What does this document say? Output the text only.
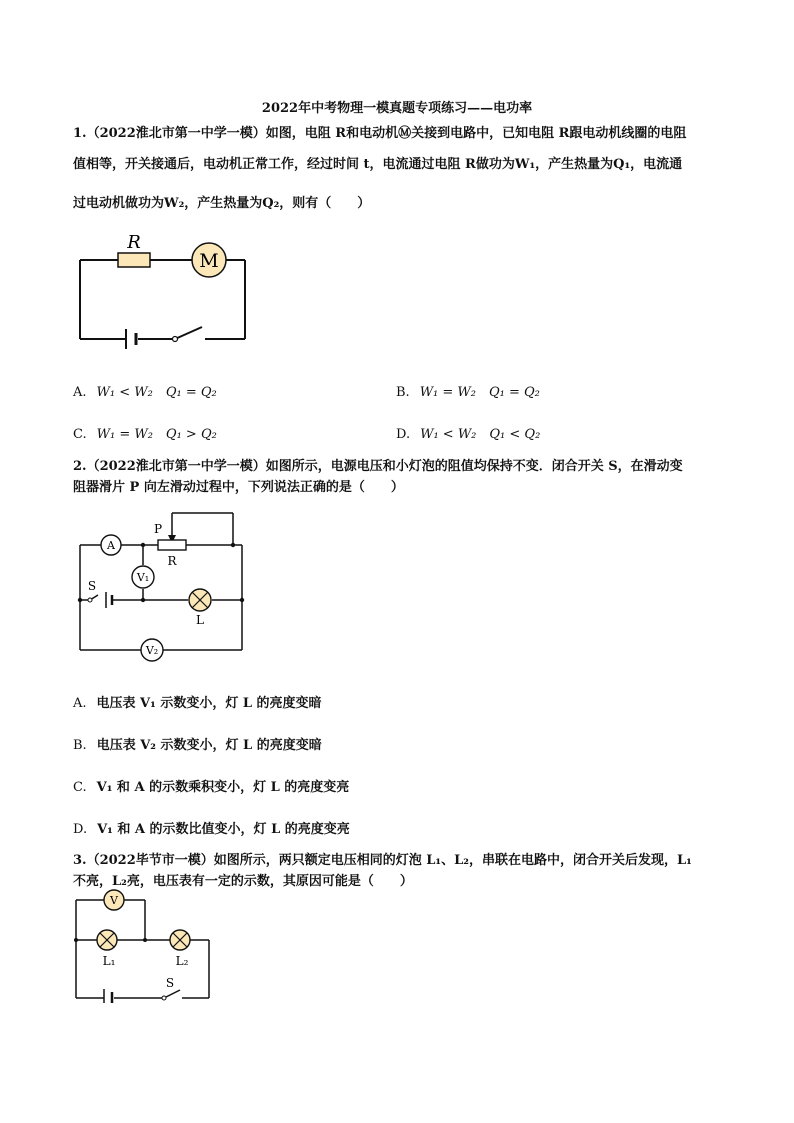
2022年中考物理一模真题专项练习——电功率
1.（2022淮北市第一中学一模）如图，电阻 R和电动机Ⓜ关接到电路中，已知电阻 R跟电动机线圈的电阻
值相等，开关接通后，电动机正常工作，经过时间 t，电流通过电阻 R做功为W₁，产生热量为Q₁，电流通
过电动机做功为W₂，产生热量为Q₂，则有（　　）
R
M
A. W₁ < W₂　Q₁ = Q₂	B. W₁ = W₂　Q₁ = Q₂
C. W₁ = W₂　Q₁ > Q₂	D. W₁ < W₂　Q₁ < Q₂
2.（2022淮北市第一中学一模）如图所示，电源电压和小灯泡的阻值均保持不变．闭合开关 S，在滑动变
阻器滑片 P 向左滑动过程中，下列说法正确的是（　　）
P
R
A
V₁
S
L
V₂
A. 电压表 V₁ 示数变小，灯 L 的亮度变暗
B. 电压表 V₂ 示数变小，灯 L 的亮度变暗
C. V₁ 和 A 的示数乘积变小，灯 L 的亮度变亮
D. V₁ 和 A 的示数比值变小，灯 L 的亮度变亮
3.（2022毕节市一模）如图所示，两只额定电压相同的灯泡 L₁、L₂，串联在电路中，闭合开关后发现，L₁
不亮，L₂亮，电压表有一定的示数，其原因可能是（　　）
V
L₁	L₂
S
